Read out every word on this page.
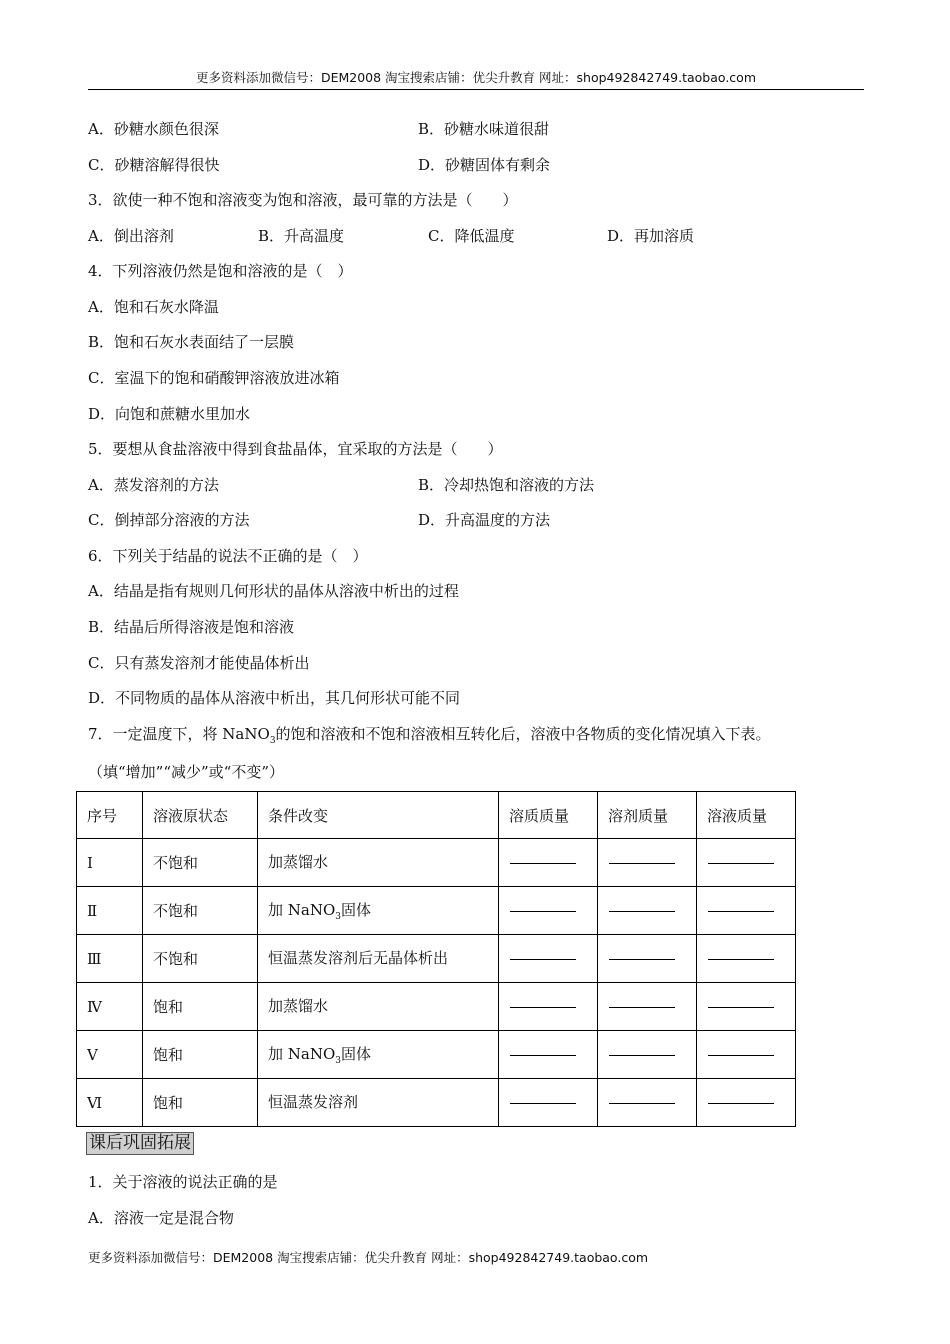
更多资料添加微信号：DEM2008 淘宝搜索店铺：优尖升教育 网址：shop492842749.taobao.com
A．砂糖水颜色很深	B．砂糖水味道很甜
C．砂糖溶解得很快	D．砂糖固体有剩余
3．欲使一种不饱和溶液变为饱和溶液，最可靠的方法是（　　）
A．倒出溶剂	B．升高温度	C．降低温度	D．再加溶质
4．下列溶液仍然是饱和溶液的是（　）
A．饱和石灰水降温
B．饱和石灰水表面结了一层膜
C．室温下的饱和硝酸钾溶液放进冰箱
D．向饱和蔗糖水里加水
5．要想从食盐溶液中得到食盐晶体，宜采取的方法是（　　）
A．蒸发溶剂的方法	B．冷却热饱和溶液的方法
C．倒掉部分溶液的方法	D．升高温度的方法
6．下列关于结晶的说法不正确的是（　）
A．结晶是指有规则几何形状的晶体从溶液中析出的过程
B．结晶后所得溶液是饱和溶液
C．只有蒸发溶剂才能使晶体析出
D．不同物质的晶体从溶液中析出，其几何形状可能不同
7．一定温度下，将 NaNO$_3$的饱和溶液和不饱和溶液相互转化后，溶液中各物质的变化情况填入下表。
（填“增加”“减少”或“不变”）
序号	溶液原状态	条件改变	溶质质量	溶剂质量	溶液质量
Ⅰ	不饱和	加蒸馏水			
Ⅱ	不饱和	加 NaNO$_3$固体			
Ⅲ	不饱和	恒温蒸发溶剂后无晶体析出			
Ⅳ	饱和	加蒸馏水			
Ⅴ	饱和	加 NaNO$_3$固体			
Ⅵ	饱和	恒温蒸发溶剂			
课后巩固拓展
1．关于溶液的说法正确的是
A．溶液一定是混合物
更多资料添加微信号：DEM2008 淘宝搜索店铺：优尖升教育 网址：shop492842749.taobao.com
